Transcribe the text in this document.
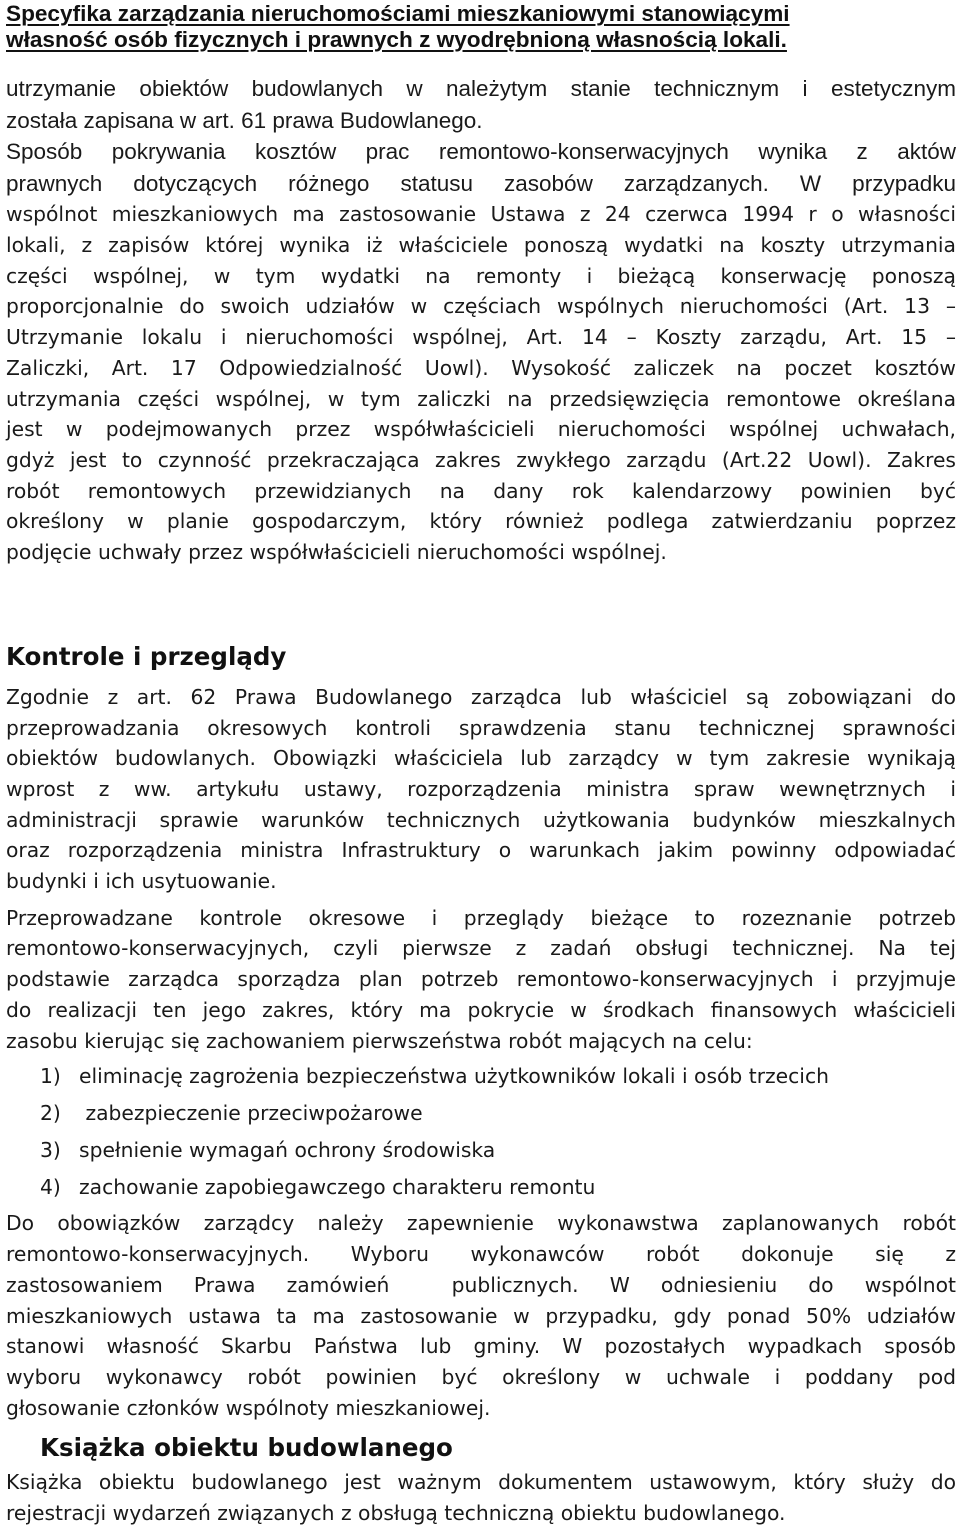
Specyfika zarządzania nieruchomościami mieszkaniowymi stanowiącymi
własność osób fizycznych i prawnych z wyodrębnioną własnością lokali.
utrzymanie obiektów budowlanych w należytym stanie technicznym i estetycznym
została zapisana w art. 61 prawa Budowlanego.
Sposób pokrywania kosztów prac remontowo-konserwacyjnych wynika z aktów
prawnych dotyczących różnego statusu zasobów zarządzanych. W przypadku
wspólnot mieszkaniowych ma zastosowanie Ustawa z 24 czerwca 1994 r o własności
lokali, z zapisów której wynika iż właściciele ponoszą wydatki na koszty utrzymania
części wspólnej, w tym wydatki na remonty i bieżącą konserwację ponoszą
proporcjonalnie do swoich udziałów w częściach wspólnych nieruchomości (Art. 13 –
Utrzymanie lokalu i nieruchomości wspólnej, Art. 14 – Koszty zarządu, Art. 15 –
Zaliczki, Art. 17 Odpowiedzialność Uowl). Wysokość zaliczek na poczet kosztów
utrzymania części wspólnej, w tym zaliczki na przedsięwzięcia remontowe określana
jest w podejmowanych przez współwłaścicieli nieruchomości wspólnej uchwałach,
gdyż jest to czynność przekraczająca zakres zwykłego zarządu (Art.22 Uowl). Zakres
robót remontowych przewidzianych na dany rok kalendarzowy powinien być
określony w planie gospodarczym, który również podlega zatwierdzaniu poprzez
podjęcie uchwały przez współwłaścicieli nieruchomości wspólnej.
Kontrole i przeglądy
Zgodnie z art. 62 Prawa Budowlanego zarządca lub właściciel są zobowiązani do
przeprowadzania okresowych kontroli sprawdzenia stanu technicznej sprawności
obiektów budowlanych. Obowiązki właściciela lub zarządcy w tym zakresie wynikają
wprost z ww. artykułu ustawy, rozporządzenia ministra spraw wewnętrznych i
administracji sprawie warunków technicznych użytkowania budynków mieszkalnych
oraz rozporządzenia ministra Infrastruktury o warunkach jakim powinny odpowiadać
budynki i ich usytuowanie.
Przeprowadzane kontrole okresowe i przeglądy bieżące to rozeznanie potrzeb
remontowo-konserwacyjnych, czyli pierwsze z zadań obsługi technicznej. Na tej
podstawie zarządca sporządza plan potrzeb remontowo-konserwacyjnych i przyjmuje
do realizacji ten jego zakres, który ma pokrycie w środkach finansowych właścicieli
zasobu kierując się zachowaniem pierwszeństwa robót mających na celu:
1) eliminację zagrożenia bezpieczeństwa użytkowników lokali i osób trzecich
2) zabezpieczenie przeciwpożarowe
3) spełnienie wymagań ochrony środowiska
4) zachowanie zapobiegawczego charakteru remontu
Do obowiązków zarządcy należy zapewnienie wykonawstwa zaplanowanych robót
remontowo-konserwacyjnych. Wyboru wykonawców robót dokonuje się z
zastosowaniem Prawa zamówień  publicznych. W odniesieniu do wspólnot
mieszkaniowych ustawa ta ma zastosowanie w przypadku, gdy ponad 50% udziałów
stanowi własność Skarbu Państwa lub gminy. W pozostałych wypadkach sposób
wyboru wykonawcy robót powinien być określony w uchwale i poddany pod
głosowanie członków wspólnoty mieszkaniowej.
Książka obiektu budowlanego
Książka obiektu budowlanego jest ważnym dokumentem ustawowym, który służy do
rejestracji wydarzeń związanych z obsługą techniczną obiektu budowlanego.
